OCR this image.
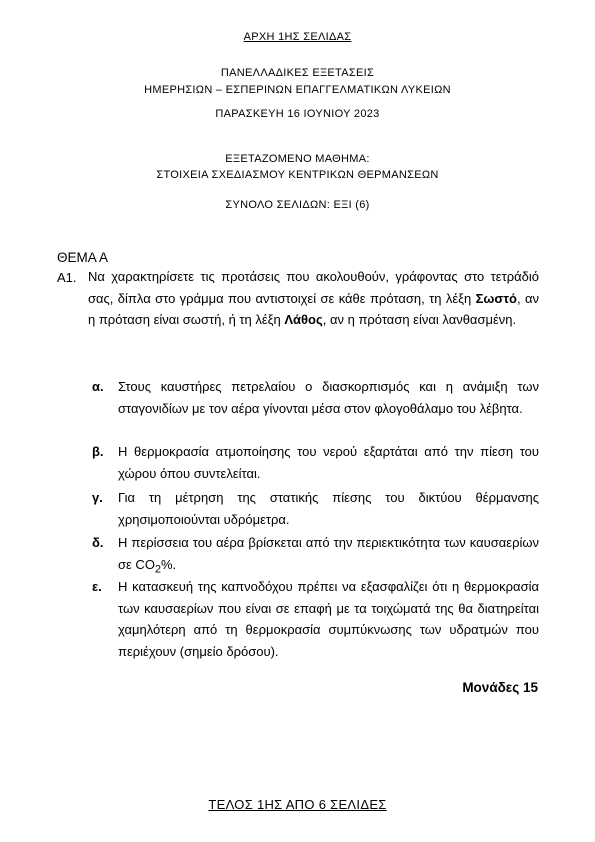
ΑΡΧΗ 1ΗΣ ΣΕΛΙΔΑΣ
ΠΑΝΕΛΛΑΔΙΚΕΣ ΕΞΕΤΑΣΕΙΣ
ΗΜΕΡΗΣΙΩΝ – ΕΣΠΕΡΙΝΩΝ ΕΠΑΓΓΕΛΜΑΤΙΚΩΝ ΛΥΚΕΙΩΝ
ΠΑΡΑΣΚΕΥΗ 16 ΙΟΥΝΙΟΥ 2023
ΕΞΕΤΑΖΟΜΕΝΟ ΜΑΘΗΜΑ:
ΣΤΟΙΧΕΙΑ ΣΧΕΔΙΑΣΜΟΥ ΚΕΝΤΡΙΚΩΝ ΘΕΡΜΑΝΣΕΩΝ
ΣΥΝΟΛΟ ΣΕΛΙΔΩΝ: ΕΞΙ (6)
ΘΕΜΑ Α
Α1. Να χαρακτηρίσετε τις προτάσεις που ακολουθούν, γράφοντας στο τετράδιό σας, δίπλα στο γράμμα που αντιστοιχεί σε κάθε πρόταση, τη λέξη Σωστό, αν η πρόταση είναι σωστή, ή τη λέξη Λάθος, αν η πρόταση είναι λανθασμένη.
α. Στους καυστήρες πετρελαίου ο διασκορπισμός και η ανάμιξη των σταγονιδίων με τον αέρα γίνονται μέσα στον φλογοθάλαμο του λέβητα.
β. Η θερμοκρασία ατμοποίησης του νερού εξαρτάται από την πίεση του χώρου όπου συντελείται.
γ. Για τη μέτρηση της στατικής πίεσης του δικτύου θέρμανσης χρησιμοποιούνται υδρόμετρα.
δ. Η περίσσεια του αέρα βρίσκεται από την περιεκτικότητα των καυσαερίων σε $CO_2\%$.
ε. Η κατασκευή της καπνοδόχου πρέπει να εξασφαλίζει ότι η θερμοκρασία των καυσαερίων που είναι σε επαφή με τα τοιχώματά της θα διατηρείται χαμηλότερη από τη θερμοκρασία συμπύκνωσης των υδρατμών που περιέχουν (σημείο δρόσου).
Μονάδες 15
ΤΕΛΟΣ 1ΗΣ ΑΠΟ 6 ΣΕΛΙΔΕΣ
